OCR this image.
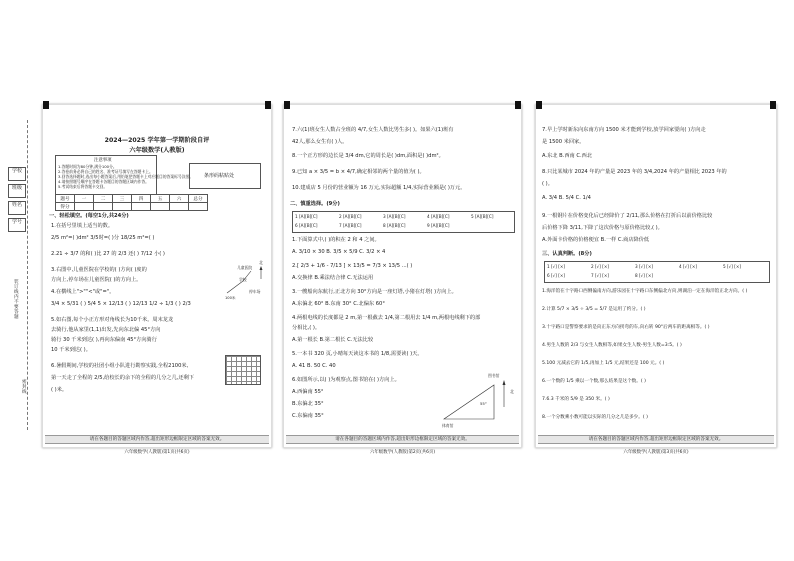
学校
班级
姓名
学号
装订线内不要答题
密封线
2024—2025 学年第一学期阶段自评
六年级数学(人教版)
注意事项
1.答题时间为80分钟,满分100分。
2.答卷前务必将自己的姓名、准考证号填写在答题卡上。
3.回答选择题时,选出每小题答案后,用铅笔把答题卡上对应题目的答案标号涂黑。
4.请按照题号顺序在答题卡各题目的答题区域内作答。
5.考试结束后将答题卡交回。
条形码粘贴处
题号	一	二	三	四	五	六	总分
得分							
一、轻松填空。(每空1分,共24分)
1.在括号里填上适当的数。
2/5 m²=( )dm² 3/5时=( )分 18/25 m²=( )
2.21 ÷ 3/7 的和( )比 27 的 2/3 还( ) 7/12 小( )
3.右图中,儿童医院在学校的( )方向( )度的
方向上,停车场在儿童医院( )的方向上。
4.在横线上">""<"或"="。
3/4 × 5/31 ( ) 5/4 5 × 12/13 ( ) 12/13 1/2 ÷ 1/3 ( ) 2/3
5.如右图,每个小正方形对角线长为10千米。周末龙龙
去骑行,他从家里(1,1)出发,先向东北偏 45°方向
骑行 30 千米到达( ),再向东偏南 45°方向骑行
10 千米到达( )。
6.暑假期间,学校的社团小组小队进行勘察实践,全程2100米,
第一天走了全程的 2/5,给校长的余下的全程的几分之几,还剩下
( )米。
儿童医院
北
学校
停车场
100米
请在各题目的答题区域内作答,超出矩形边框限定区域的答案无效。
六年级数学(人教版)第1页(共6页)
7.六(1)班女生人数占全班的 4/7,女生人数比男生多( )。如果六(1)班有
42人,那么女生有( )人。
8.一个正方形的边长是 3/4 dm,它的周长是( )dm,面积是( )dm²。
9.已知 a × 3/5 = b × 4/7,确定相邻的两个量的值为( )。
10.建成店 5 月份的营业额为 16 万元,实际超额 1/4,实际营业额是( )万元。
二、慎重选择。(9分)
1 [A][B][C]	2 [A][B][C]	3 [A][B][C]	4 [A][B][C]	5 [A][B][C]
6 [A][B][C]	7 [A][B][C]	8 [A][B][C]	9 [A][B][C]
1.下面算式中,( )的积在 2 和 4 之间。
A. 3/10 × 30 B. 3/5 × 5/9 C. 3/2 × 4
2.[ 2/3 + 1/6 - 7/13 ] × 13/5 = 7/3 × 13/5 ...( )
A.交换律 B.乘法结合律 C.无法运用
3.一艘船向东航行,正北方向 30°方向是一座灯塔,小猪在灯塔( )方向上。
A.东偏北 60° B.东南 30° C.北偏东 60°
4.两根电线的长度都是 2 m,第一根截去 1/4,第二根用去 1/4 m,两根电线剩下的部
分相比,( )。
A.第一根长 B.第二根长 C.无法比较
5.一本书 320 页,小晴每天读这本书的 1/8,需要读( )天。
A. 41 B. 50 C. 40
6.如图所示,以( )为观察点,图书馆在( )方向上。
A.西偏南 55°
B.东偏北 35°
C.东偏南 35°
图书馆
北
55°
体育馆
请在各题目的答题区域内作答,超出矩形边框限定区域的答案无效。
六年级数学(人教版)第2页(共6页)
7.早上学时新东向东南方向 1500 米才能到学校,放学回家要向( )方向走
是 1500 米回家。
A.东北 B.西南 C.西北
8.只比某城市 2024 年的产量是 2023 年的 3/4,2024 年的产量相比 2023 年的
( )。
A. 3/4 B. 5/4 C. 1/4
9.一根钢片在价格变化后已经降价了 2/11,那么价格在打折后以前价格比较
后价格下降 3/11,下降了这次价格与原价格比较,( )。
A.外面卡价格的价格便宜 B.一样 C.商店降价低
三、认真判断。(8分)
1 [√] [×]	2 [√] [×]	3 [√] [×]	4 [√] [×]	5 [√] [×]
6 [√] [×]	7 [√] [×]	8 [√] [×]
1.海洋馆在十字路口西侧偏南方向,游乐园在十字路口东侧偏北方向,则湖泊一定在海洋馆正北方向。( )
2.计算 5/7 × 3/5 ÷ 3/5 = 5/7 是运用了约分。( )
3.十字路口是警察要求的是向正东方向拐弯的车,向右转 90°后两车的距离相等。( )
4.男生人数的 2/3 与女生人数相等,如果女生人数-男生人数=3:5。( )
5.100 元减去它的 1/5,再加上 1/5 元,结果还是 100 元。( )
6.一个数的 1/5 乘以一个数,那么结果是这个数。( )
7.6.3 千米的 5/9 是 350 米。( )
8.一个分数乘小数可能以实际的几分之几是多少。( )
请在各题目的答题区域内作答,超出矩形边框限定区域的答案无效。
六年级数学(人教版)第3页(共6页)
